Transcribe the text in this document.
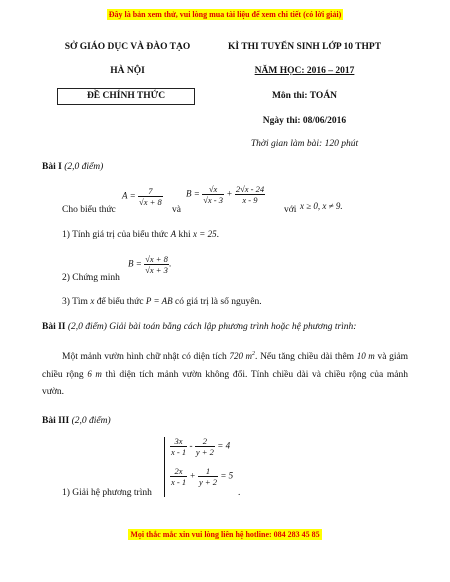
Đây là bản xem thử, vui lòng mua tài liệu để xem chi tiết (có lời giải)
SỞ GIÁO DỤC VÀ ĐÀO TẠO
HÀ NỘI
ĐỀ CHÍNH THỨC
KÌ THI TUYỂN SINH LỚP 10 THPT
NĂM HỌC: 2016 – 2017
Môn thi: TOÁN
Ngày thi: 08/06/2016
Thời gian làm bài: 120 phút
Bài I (2,0 điểm)
Cho biểu thức
$A = \frac{7}{√x + 8}$
và
$B = \frac{√x}{√x - 3} + \frac{2√x - 24}{x - 9}$
với x ≥ 0, x ≠ 9.
1) Tính giá trị của biểu thức A khi x = 25.
2) Chứng minh
$B = \frac{√x + 8}{√x + 3}$ .
3) Tìm x để biểu thức P = AB có giá trị là số nguyên.
Bài II (2,0 điểm) Giải bài toán bằng cách lập phương trình hoặc hệ phương trình:
Một mảnh vườn hình chữ nhật có diện tích 720 $m^2$. Nếu tăng chiều dài thêm 10 m và giảm chiều rộng 6 m thì diện tích mảnh vườn không đổi. Tính chiều dài và chiều rộng của mảnh vườn.
Bài III (2,0 điểm)
1) Giải hệ phương trình
$\frac{3x}{x - 1} - \frac{2}{y + 2} = 4$
$\frac{2x}{x - 1} + \frac{1}{y + 2} = 5$
.
Mọi thắc mắc xin vui lòng liên hệ hotline: 084 283 45 85
